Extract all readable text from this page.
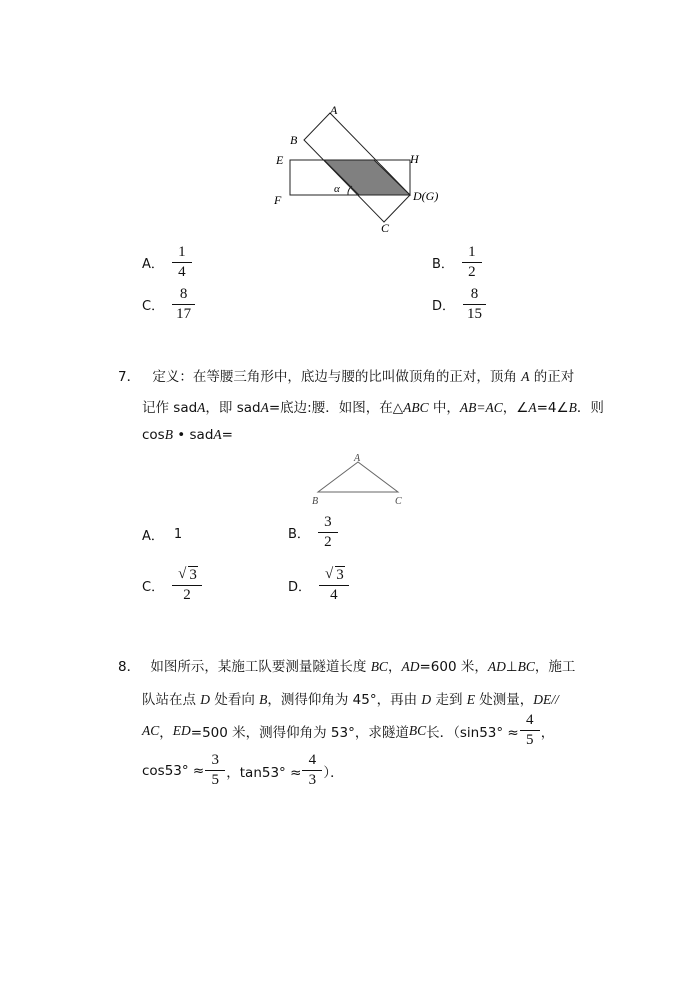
A
B
E	H
F	D(G)
C
α
A． $\frac{1}{4}$	B． $\frac{1}{2}$
C． $\frac{8}{17}$	D． $\frac{8}{15}$
7． 定义：在等腰三角形中，底边与腰的比叫做顶角的正对，顶角 A 的正对
记作 sadA，即 sadA=底边:腰．如图，在△ABC 中，AB=AC，∠A=4∠B．则
cosB • sadA=
A
B	C
A． 1	B． $\frac{3}{2}$
C． $\frac{√ 3}{2}$	D． $\frac{√ 3}{4}$
8． 如图所示，某施工队要测量隧道长度 BC，AD=600 米，AD⊥BC，施工
队站在点 D 处看向 B，测得仰角为 45°，再由 D 走到 E 处测量，DE//
AC ， ED =500 米，测得仰角为 53°，求隧道 BC 长．（$\sin 53^\circ \approx \frac{4}{5}$ ，
$\cos 53^\circ \approx \frac{3}{5}$ ，$\tan 53^\circ \approx \frac{4}{3}$ ）．
